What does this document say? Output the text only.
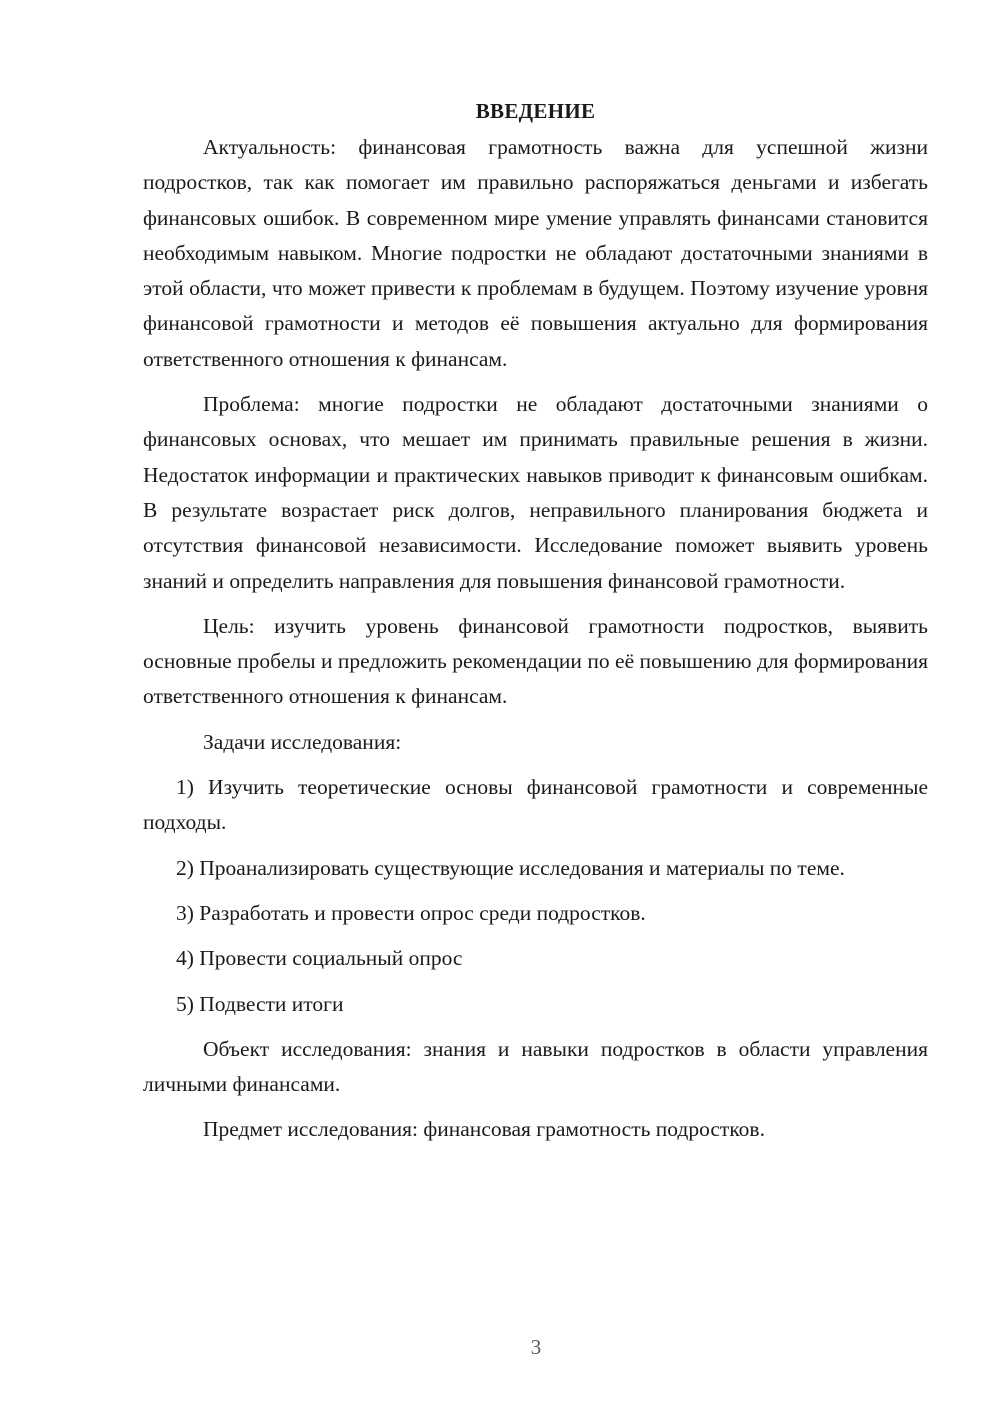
ВВЕДЕНИЕ

Актуальность: финансовая грамотность важна для успешной жизни подростков, так как помогает им правильно распоряжаться деньгами и избегать финансовых ошибок. В современном мире умение управлять финансами становится необходимым навыком. Многие подростки не обладают достаточными знаниями в этой области, что может привести к проблемам в будущем. Поэтому изучение уровня финансовой грамотности и методов её повышения актуально для формирования ответственного отношения к финансам.

Проблема: многие подростки не обладают достаточными знаниями о финансовых основах, что мешает им принимать правильные решения в жизни. Недостаток информации и практических навыков приводит к финансовым ошибкам. В результате возрастает риск долгов, неправильного планирования бюджета и отсутствия финансовой независимости. Исследование поможет выявить уровень знаний и определить направления для повышения финансовой грамотности.

Цель: изучить уровень финансовой грамотности подростков, выявить основные пробелы и предложить рекомендации по её повышению для формирования ответственного отношения к финансам.

Задачи исследования:

1) Изучить теоретические основы финансовой грамотности и современные подходы.

2) Проанализировать существующие исследования и материалы по теме.

3) Разработать и провести опрос среди подростков.

4) Провести социальный опрос

5) Подвести итоги

Объект исследования: знания и навыки подростков в области управления личными финансами.

Предмет исследования: финансовая грамотность подростков.

3
